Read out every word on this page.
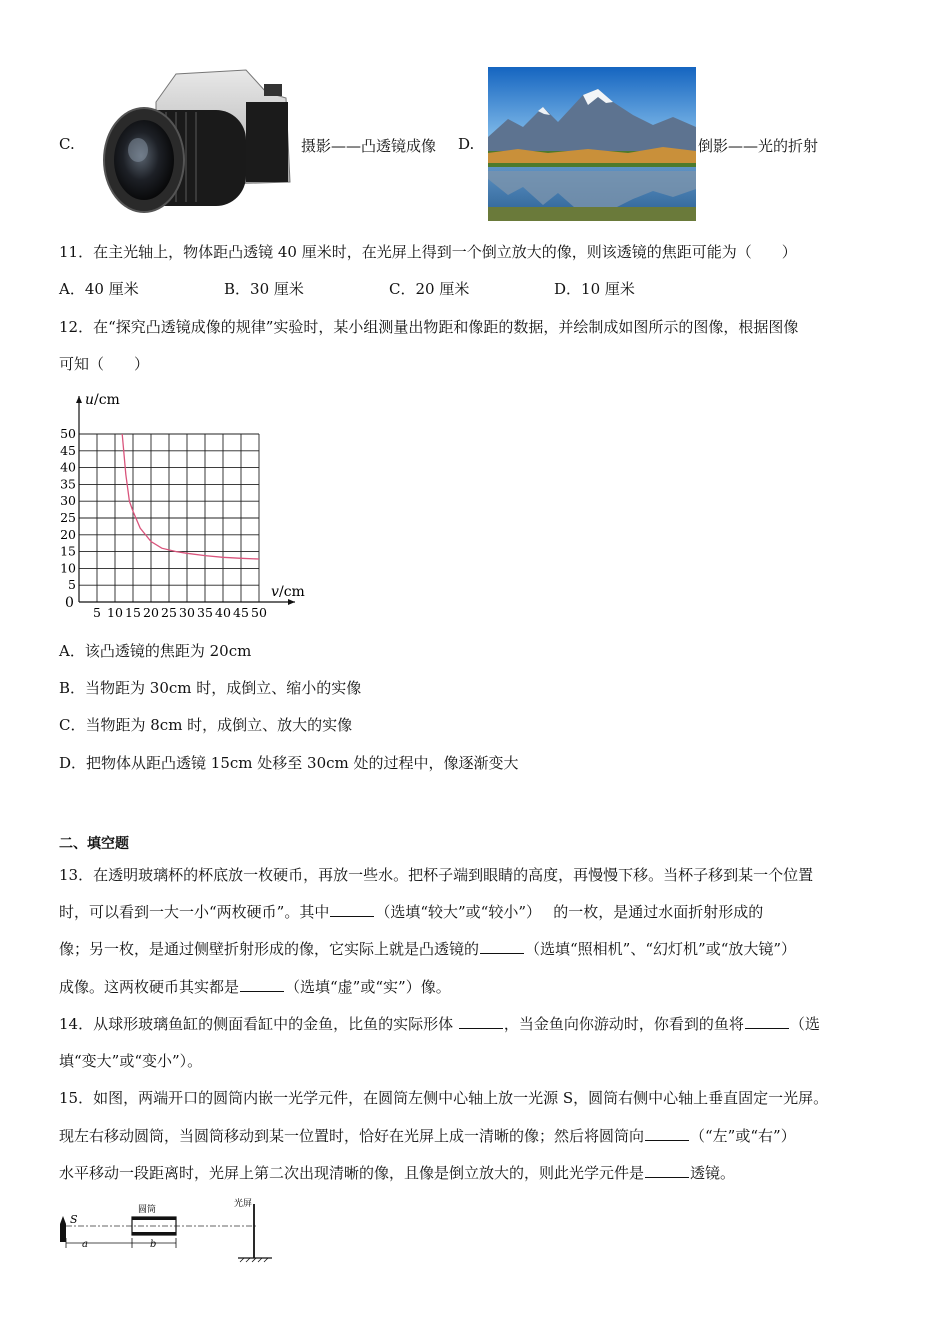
C.	摄影——凸透镜成像 D.	倒影——光的折射
11．在主光轴上，物体距凸透镜 40 厘米时，在光屏上得到一个倒立放大的像，则该透镜的焦距可能为（　　）
A．40 厘米	B．30 厘米	C．20 厘米	D．10 厘米
12．在“探究凸透镜成像的规律”实验时，某小组测量出物距和像距的数据，并绘制成如图所示的图像，根据图像
可知（　　）
5 10 15 20 25 30 35 40 45 50
5
10
15
20
25
30
35
40
45
50
u /cm
v /cm
0
A．该凸透镜的焦距为 20cm
B．当物距为 30cm 时，成倒立、缩小的实像
C．当物距为 8cm 时，成倒立、放大的实像
D．把物体从距凸透镜 15cm 处移至 30cm 处的过程中，像逐渐变大
二、填空题
13．在透明玻璃杯的杯底放一枚硬币，再放一些水。把杯子端到眼睛的高度，再慢慢下移。当杯子移到某一个位置
时，可以看到一大一小“两枚硬币”。其中	（选填“较大”或“较小”）　 的一枚，是通过水面折射形成的
像；另一枚，是通过侧壁折射形成的像，它实际上就是凸透镜的	（选填“照相机”、“幻灯机”或“放大镜”）
成像。这两枚硬币其实都是	（选填“虚”或“实”）像。
14．从球形玻璃鱼缸的侧面看缸中的金鱼，比鱼的实际形体	，当金鱼向你游动时，你看到的鱼将	（选
填“变大”或“变小”）。
15．如图，两端开口的圆筒内嵌一光学元件，在圆筒左侧中心轴上放一光源 S，圆筒右侧中心轴上垂直固定一光屏。
现左右移动圆筒，当圆筒移动到某一位置时，恰好在光屏上成一清晰的像；然后将圆筒向	（“左”或“右”）
水平移动一段距离时，光屏上第二次出现清晰的像，且像是倒立放大的，则此光学元件是	透镜。
S
圆筒
光屏
a	b
